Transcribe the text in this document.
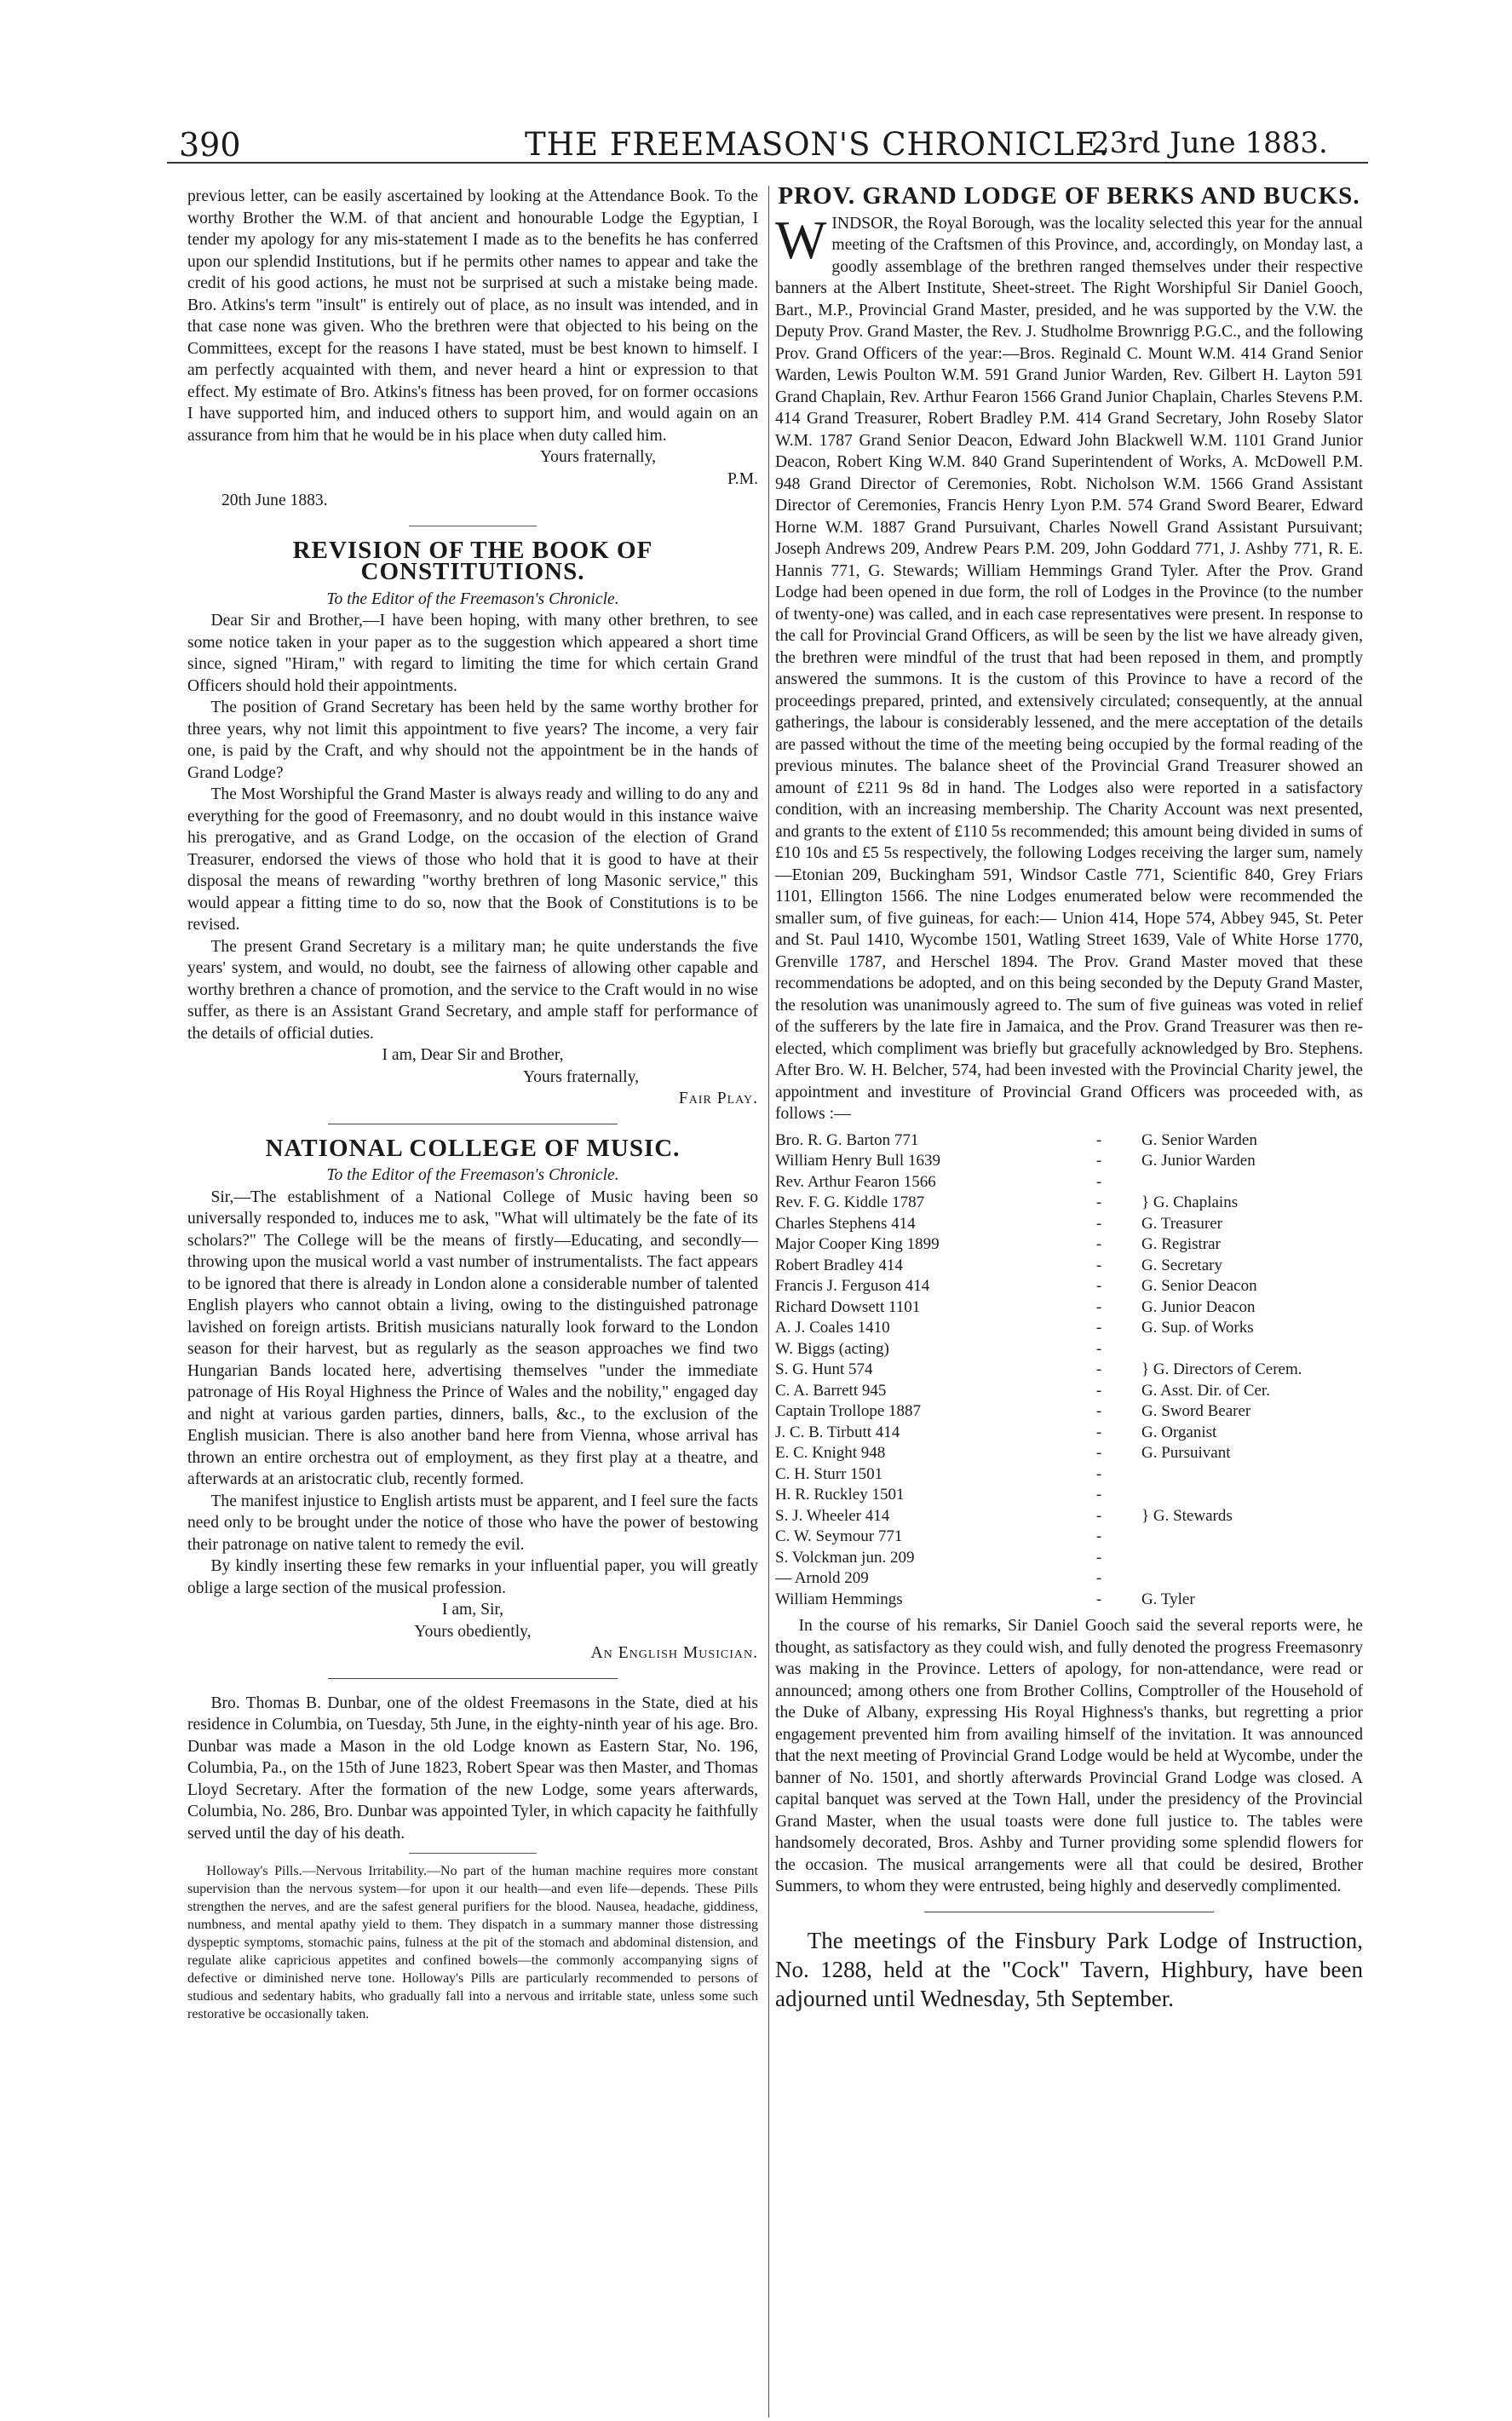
390	THE FREEMASON'S CHRONICLE.
23rd June 1883.

previous letter, can be easily ascertained by looking at the Attendance Book. To the worthy Brother the W.M. of that ancient and honourable Lodge the Egyptian, I tender my apology for any mis-statement I made as to the benefits he has conferred upon our splendid Institutions, but if he permits other names to appear and take the credit of his good actions, he must not be surprised at such a mistake being made. Bro. Atkins's term "insult" is entirely out of place, as no insult was intended, and in that case none was given. Who the brethren were that objected to his being on the Committees, except for the reasons I have stated, must be best known to himself. I am perfectly acquainted with them, and never heard a hint or expression to that effect. My estimate of Bro. Atkins's fitness has been proved, for on former occasions I have supported him, and induced others to support him, and would again on an assurance from him that he would be in his place when duty called him.

Yours fraternally,

P.M.

20th June 1883.

REVISION OF THE BOOK OF CONSTITUTIONS.

To the Editor of the Freemason's Chronicle.

Dear Sir and Brother,—I have been hoping, with many other brethren, to see some notice taken in your paper as to the suggestion which appeared a short time since, signed "Hiram," with regard to limiting the time for which certain Grand Officers should hold their appointments.

The position of Grand Secretary has been held by the same worthy brother for three years, why not limit this appointment to five years? The income, a very fair one, is paid by the Craft, and why should not the appointment be in the hands of Grand Lodge?

The Most Worshipful the Grand Master is always ready and willing to do any and everything for the good of Freemasonry, and no doubt would in this instance waive his prerogative, and as Grand Lodge, on the occasion of the election of Grand Treasurer, endorsed the views of those who hold that it is good to have at their disposal the means of rewarding "worthy brethren of long Masonic service," this would appear a fitting time to do so, now that the Book of Constitutions is to be revised.

The present Grand Secretary is a military man; he quite understands the five years' system, and would, no doubt, see the fairness of allowing other capable and worthy brethren a chance of promotion, and the service to the Craft would in no wise suffer, as there is an Assistant Grand Secretary, and ample staff for performance of the details of official duties.

I am, Dear Sir and Brother,

Yours fraternally,

Fair Play.

NATIONAL COLLEGE OF MUSIC.

To the Editor of the Freemason's Chronicle.

Sir,—The establishment of a National College of Music having been so universally responded to, induces me to ask, "What will ultimately be the fate of its scholars?" The College will be the means of firstly—Educating, and secondly—throwing upon the musical world a vast number of instrumentalists. The fact appears to be ignored that there is already in London alone a considerable number of talented English players who cannot obtain a living, owing to the distinguished patronage lavished on foreign artists. British musicians naturally look forward to the London season for their harvest, but as regularly as the season approaches we find two Hungarian Bands located here, advertising themselves "under the immediate patronage of His Royal Highness the Prince of Wales and the nobility," engaged day and night at various garden parties, dinners, balls, &c., to the exclusion of the English musician. There is also another band here from Vienna, whose arrival has thrown an entire orchestra out of employment, as they first play at a theatre, and afterwards at an aristocratic club, recently formed.

The manifest injustice to English artists must be apparent, and I feel sure the facts need only to be brought under the notice of those who have the power of bestowing their patronage on native talent to remedy the evil.

By kindly inserting these few remarks in your influential paper, you will greatly oblige a large section of the musical profession.

I am, Sir,

Yours obediently,

An English Musician.

Bro. Thomas B. Dunbar, one of the oldest Freemasons in the State, died at his residence in Columbia, on Tuesday, 5th June, in the eighty-ninth year of his age. Bro. Dunbar was made a Mason in the old Lodge known as Eastern Star, No. 196, Columbia, Pa., on the 15th of June 1823, Robert Spear was then Master, and Thomas Lloyd Secretary. After the formation of the new Lodge, some years afterwards, Columbia, No. 286, Bro. Dunbar was appointed Tyler, in which capacity he faithfully served until the day of his death.

Holloway's Pills.—Nervous Irritability.—No part of the human machine requires more constant supervision than the nervous system—for upon it our health—and even life—depends. These Pills strengthen the nerves, and are the safest general purifiers for the blood. Nausea, headache, giddiness, numbness, and mental apathy yield to them. They dispatch in a summary manner those distressing dyspeptic symptoms, stomachic pains, fulness at the pit of the stomach and abdominal distension, and regulate alike capricious appetites and confined bowels—the commonly accompanying signs of defective or diminished nerve tone. Holloway's Pills are particularly recommended to persons of studious and sedentary habits, who gradually fall into a nervous and irritable state, unless some such restorative be occasionally taken.

PROV. GRAND LODGE OF BERKS AND BUCKS.

WINDSOR, the Royal Borough, was the locality selected this year for the annual meeting of the Craftsmen of this Province, and, accordingly, on Monday last, a goodly assemblage of the brethren ranged themselves under their respective banners at the Albert Institute, Sheet-street. The Right Worshipful Sir Daniel Gooch, Bart., M.P., Provincial Grand Master, presided, and he was supported by the V.W. the Deputy Prov. Grand Master, the Rev. J. Studholme Brownrigg P.G.C., and the following Prov. Grand Officers of the year:—Bros. Reginald C. Mount W.M. 414 Grand Senior Warden, Lewis Poulton W.M. 591 Grand Junior Warden, Rev. Gilbert H. Layton 591 Grand Chaplain, Rev. Arthur Fearon 1566 Grand Junior Chaplain, Charles Stevens P.M. 414 Grand Treasurer, Robert Bradley P.M. 414 Grand Secretary, John Roseby Slator W.M. 1787 Grand Senior Deacon, Edward John Blackwell W.M. 1101 Grand Junior Deacon, Robert King W.M. 840 Grand Superintendent of Works, A. McDowell P.M. 948 Grand Director of Ceremonies, Robt. Nicholson W.M. 1566 Grand Assistant Director of Ceremonies, Francis Henry Lyon P.M. 574 Grand Sword Bearer, Edward Horne W.M. 1887 Grand Pursuivant, Charles Nowell Grand Assistant Pursuivant; Joseph Andrews 209, Andrew Pears P.M. 209, John Goddard 771, J. Ashby 771, R. E. Hannis 771, G. Stewards; William Hemmings Grand Tyler. After the Prov. Grand Lodge had been opened in due form, the roll of Lodges in the Province (to the number of twenty-one) was called, and in each case representatives were present. In response to the call for Provincial Grand Officers, as will be seen by the list we have already given, the brethren were mindful of the trust that had been reposed in them, and promptly answered the summons. It is the custom of this Province to have a record of the proceedings prepared, printed, and extensively circulated; consequently, at the annual gatherings, the labour is considerably lessened, and the mere acceptation of the details are passed without the time of the meeting being occupied by the formal reading of the previous minutes. The balance sheet of the Provincial Grand Treasurer showed an amount of £211 9s 8d in hand. The Lodges also were reported in a satisfactory condition, with an increasing membership. The Charity Account was next presented, and grants to the extent of £110 5s recommended; this amount being divided in sums of £10 10s and £5 5s respectively, the following Lodges receiving the larger sum, namely—Etonian 209, Buckingham 591, Windsor Castle 771, Scientific 840, Grey Friars 1101, Ellington 1566. The nine Lodges enumerated below were recommended the smaller sum, of five guineas, for each:— Union 414, Hope 574, Abbey 945, St. Peter and St. Paul 1410, Wycombe 1501, Watling Street 1639, Vale of White Horse 1770, Grenville 1787, and Herschel 1894. The Prov. Grand Master moved that these recommendations be adopted, and on this being seconded by the Deputy Grand Master, the resolution was unanimously agreed to. The sum of five guineas was voted in relief of the sufferers by the late fire in Jamaica, and the Prov. Grand Treasurer was then re-elected, which compliment was briefly but gracefully acknowledged by Bro. Stephens. After Bro. W. H. Belcher, 574, had been invested with the Provincial Charity jewel, the appointment and investiture of Provincial Grand Officers was proceeded with, as follows :—

Bro. R. G. Barton 771	-	G. Senior Warden
William Henry Bull 1639	-	G. Junior Warden
Rev. Arthur Fearon 1566	-
Rev. F. G. Kiddle 1787	-	} G. Chaplains
Charles Stephens 414	-	G. Treasurer
Major Cooper King 1899	-	G. Registrar
Robert Bradley 414	-	G. Secretary
Francis J. Ferguson 414	-	G. Senior Deacon
Richard Dowsett 1101	-	G. Junior Deacon
A. J. Coales 1410	-	G. Sup. of Works
W. Biggs (acting)	-
S. G. Hunt 574	-	} G. Directors of Cerem.
C. A. Barrett 945	-	G. Asst. Dir. of Cer.
Captain Trollope 1887	-	G. Sword Bearer
J. C. B. Tirbutt 414	-	G. Organist
E. C. Knight 948	-	G. Pursuivant
C. H. Sturr 1501	-
H. R. Ruckley 1501	-
S. J. Wheeler 414	-	} G. Stewards
C. W. Seymour 771	-
S. Volckman jun. 209	-
— Arnold 209	-
William Hemmings	-	G. Tyler

In the course of his remarks, Sir Daniel Gooch said the several reports were, he thought, as satisfactory as they could wish, and fully denoted the progress Freemasonry was making in the Province. Letters of apology, for non-attendance, were read or announced; among others one from Brother Collins, Comptroller of the Household of the Duke of Albany, expressing His Royal Highness's thanks, but regretting a prior engagement prevented him from availing himself of the invitation. It was announced that the next meeting of Provincial Grand Lodge would be held at Wycombe, under the banner of No. 1501, and shortly afterwards Provincial Grand Lodge was closed. A capital banquet was served at the Town Hall, under the presidency of the Provincial Grand Master, when the usual toasts were done full justice to. The tables were handsomely decorated, Bros. Ashby and Turner providing some splendid flowers for the occasion. The musical arrangements were all that could be desired, Brother Summers, to whom they were entrusted, being highly and deservedly complimented.

The meetings of the Finsbury Park Lodge of Instruction, No. 1288, held at the "Cock" Tavern, Highbury, have been adjourned until Wednesday, 5th September.
